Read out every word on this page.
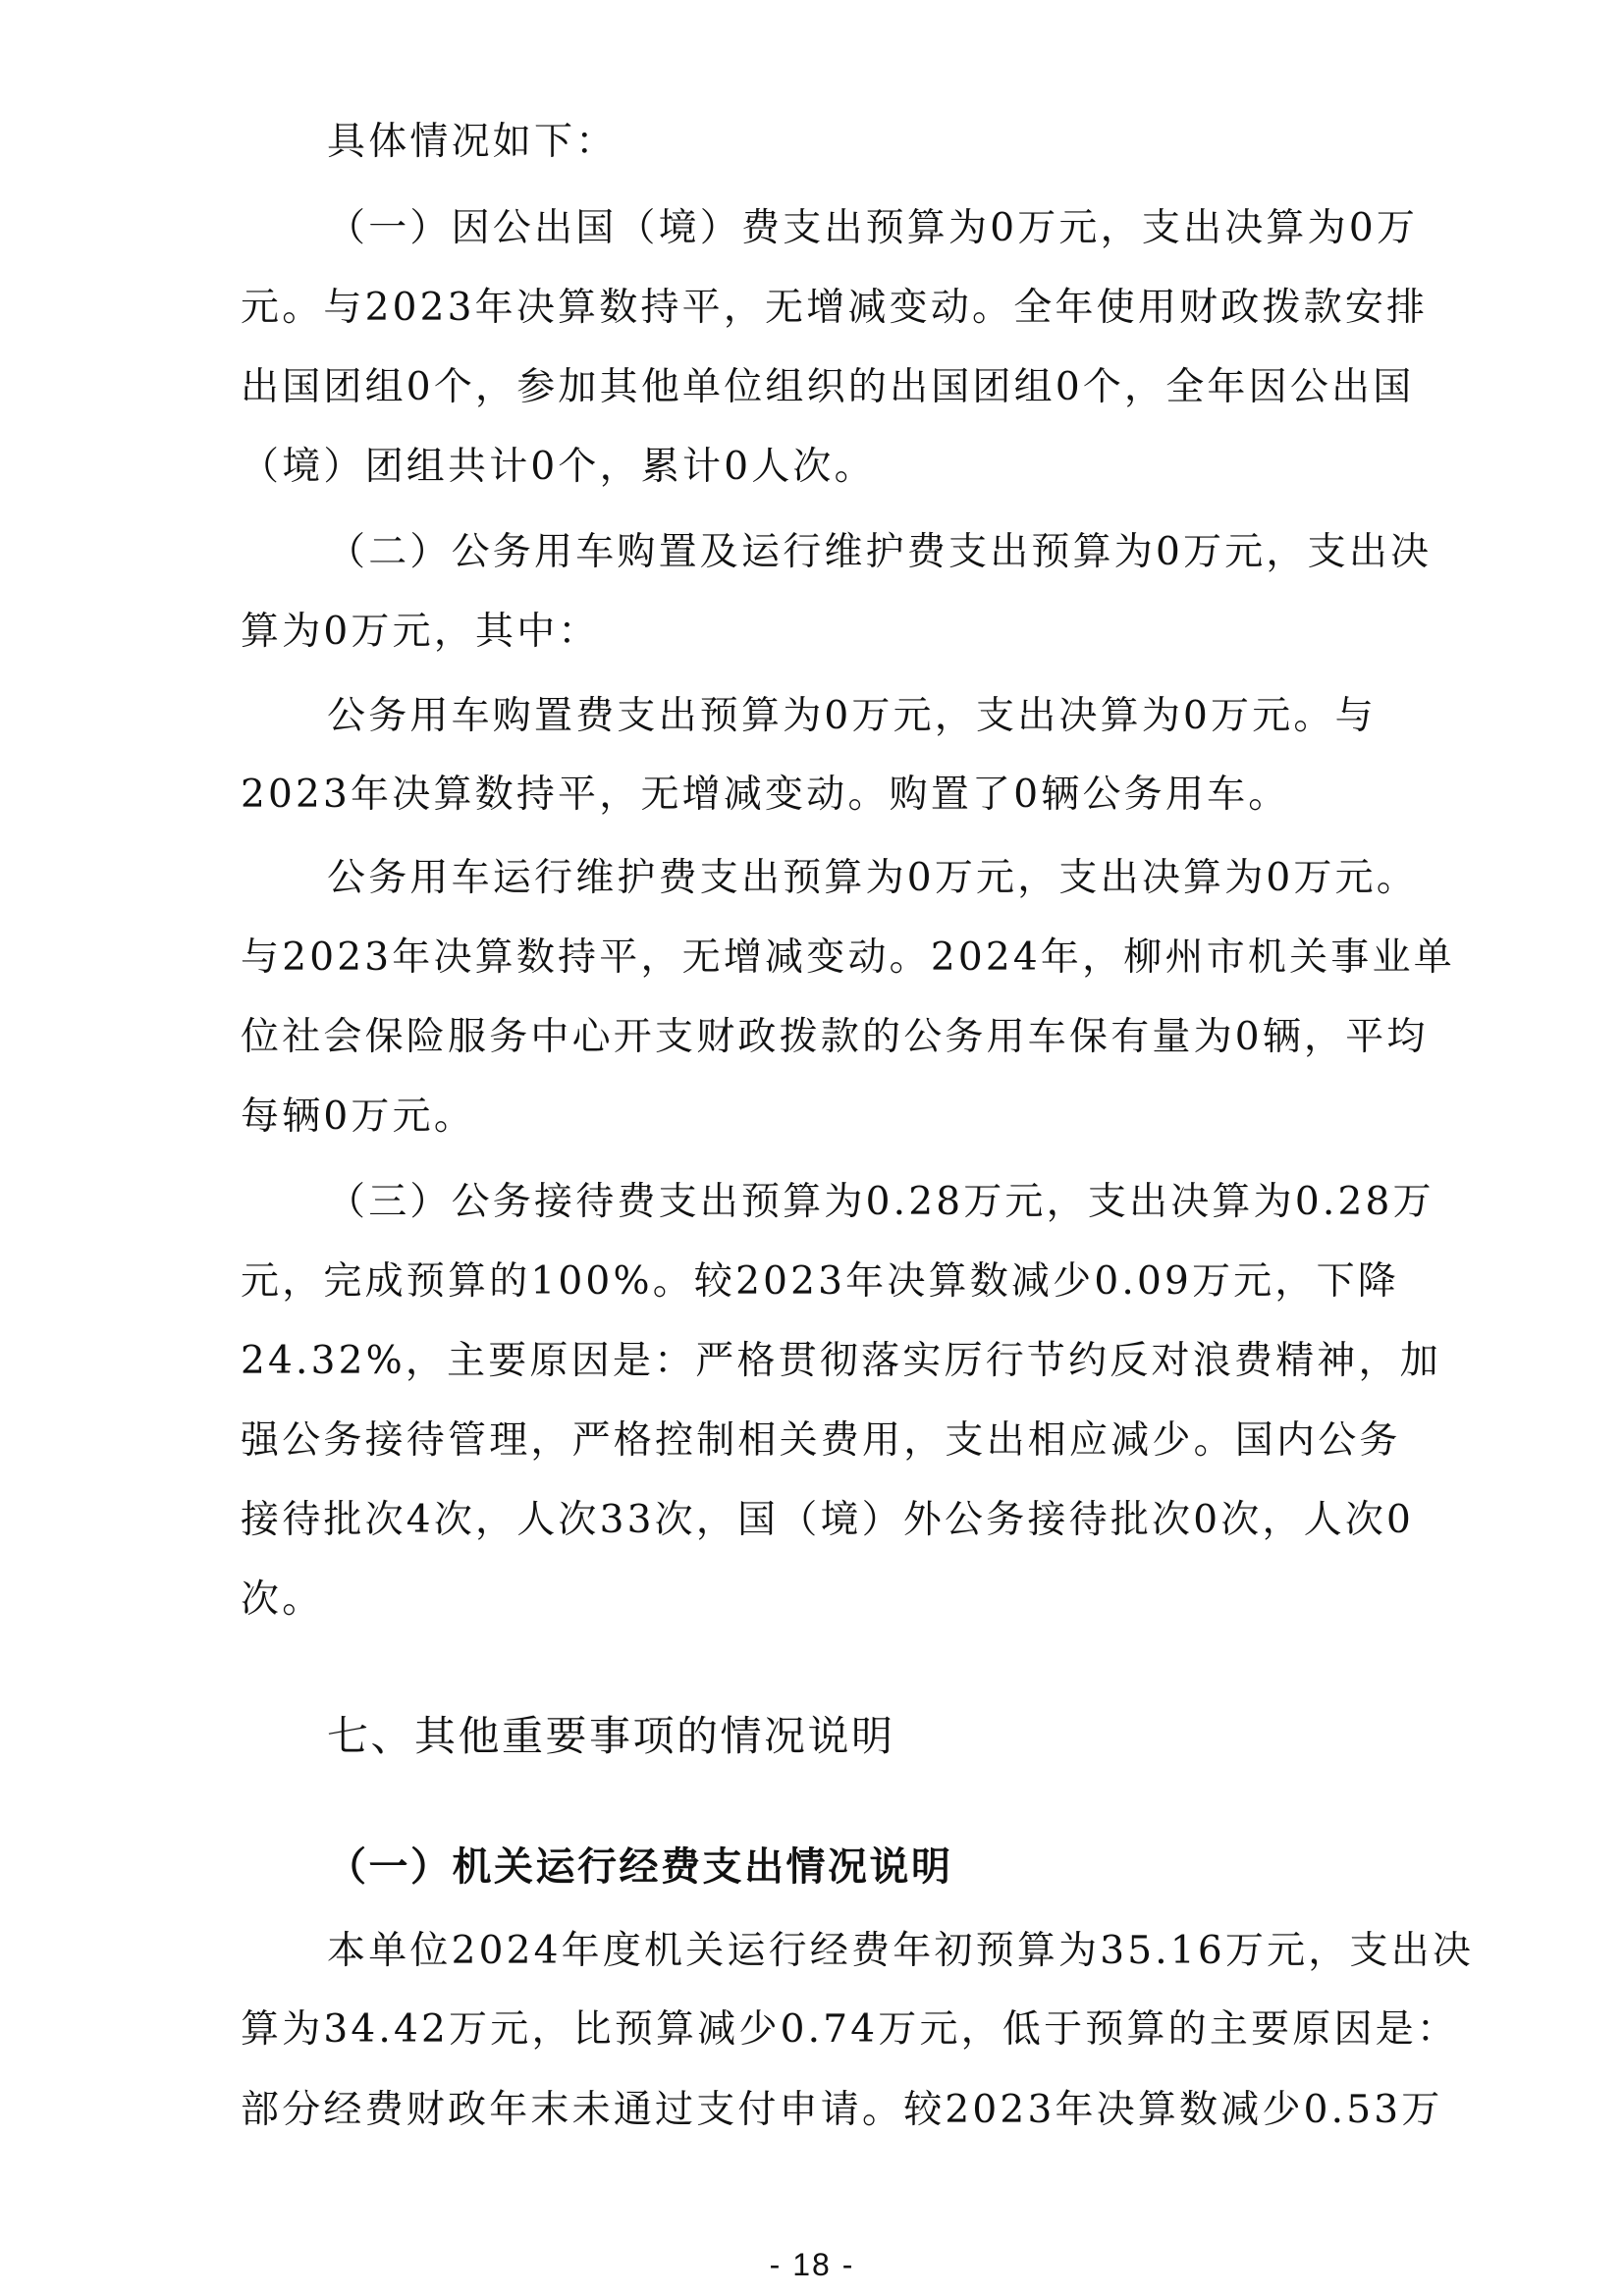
具体情况如下：

（一）因公出国（境）费支出预算为0万元，支出决算为0万

元。与2023年决算数持平，无增减变动。全年使用财政拨款安排

出国团组0个，参加其他单位组织的出国团组0个，全年因公出国

（境）团组共计0个，累计0人次。

（二）公务用车购置及运行维护费支出预算为0万元，支出决

算为0万元，其中：

公务用车购置费支出预算为0万元，支出决算为0万元。与

2023年决算数持平，无增减变动。购置了0辆公务用车。

公务用车运行维护费支出预算为0万元，支出决算为0万元。

与2023年决算数持平，无增减变动。2024年，柳州市机关事业单

位社会保险服务中心开支财政拨款的公务用车保有量为0辆，平均

每辆0万元。

（三）公务接待费支出预算为0.28万元，支出决算为0.28万

元，完成预算的100%。较2023年决算数减少0.09万元，下降

24.32%，主要原因是：严格贯彻落实厉行节约反对浪费精神，加

强公务接待管理，严格控制相关费用，支出相应减少。国内公务

接待批次4次，人次33次，国（境）外公务接待批次0次，人次0

次。

七、其他重要事项的情况说明
（一）机关运行经费支出情况说明

本单位2024年度机关运行经费年初预算为35.16万元，支出决

算为34.42万元，比预算减少0.74万元，低于预算的主要原因是：

部分经费财政年末未通过支付申请。较2023年决算数减少0.53万

- 18 -
